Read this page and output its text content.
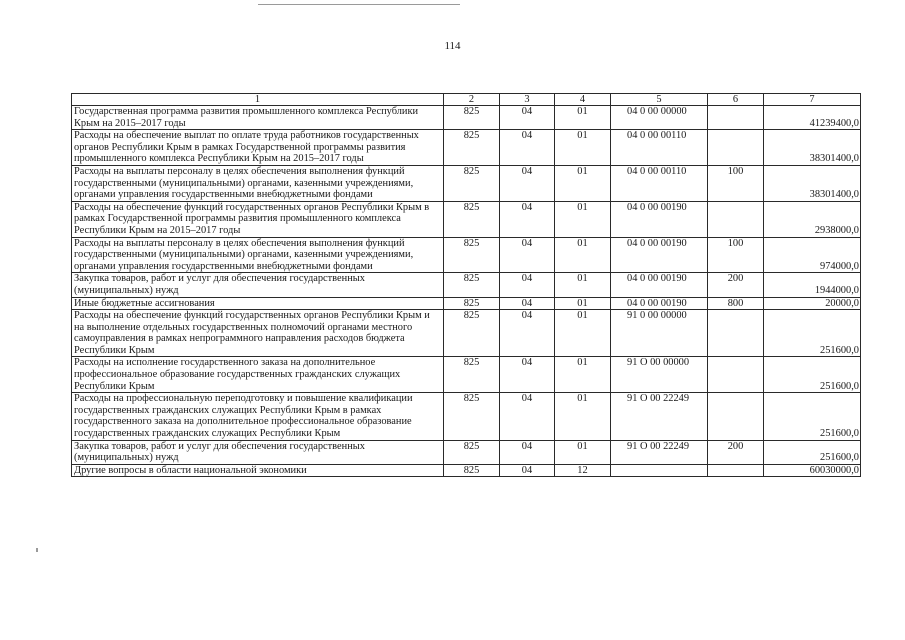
114
1	2	3	4	5	6	7
Государственная программа развития промышленного комплекса Республики Крым на 2015–2017 годы	825	04	01	04 0 00 00000		41239400,0
Расходы на обеспечение выплат по оплате труда работников государственных органов Республики Крым в рамках Государственной программы развития промышленного комплекса Республики Крым на 2015–2017 годы	825	04	01	04 0 00 00110		38301400,0
Расходы на выплаты персоналу в целях обеспечения выполнения функций государственными (муниципальными) органами, казенными учреждениями, органами управления государственными внебюджетными фондами	825	04	01	04 0 00 00110	100	38301400,0
Расходы на обеспечение функций государственных органов Республики Крым в рамках Государственной программы развития промышленного комплекса Республики Крым на 2015–2017 годы	825	04	01	04 0 00 00190		2938000,0
Расходы на выплаты персоналу в целях обеспечения выполнения функций государственными (муниципальными) органами, казенными учреждениями, органами управления государственными внебюджетными фондами	825	04	01	04 0 00 00190	100	974000,0
Закупка товаров, работ и услуг для обеспечения государственных (муниципальных) нужд	825	04	01	04 0 00 00190	200	1944000,0
Иные бюджетные ассигнования	825	04	01	04 0 00 00190	800	20000,0
Расходы на обеспечение функций государственных органов Республики Крым и на выполнение отдельных государственных полномочий органами местного самоуправления в рамках непрограммного направления расходов бюджета Республики Крым	825	04	01	91 0 00 00000		251600,0
Расходы на исполнение государственного заказа на дополнительное профессиональное образование государственных гражданских служащих Республики Крым	825	04	01	91 О 00 00000		251600,0
Расходы на профессиональную переподготовку и повышение квалификации государственных гражданских служащих Республики Крым в рамках государственного заказа на дополнительное профессиональное образование государственных гражданских служащих Республики Крым	825	04	01	91 О 00 22249		251600,0
Закупка товаров, работ и услуг для обеспечения государственных (муниципальных) нужд	825	04	01	91 О 00 22249	200	251600,0
Другие вопросы в области национальной экономики	825	04	12			60030000,0
